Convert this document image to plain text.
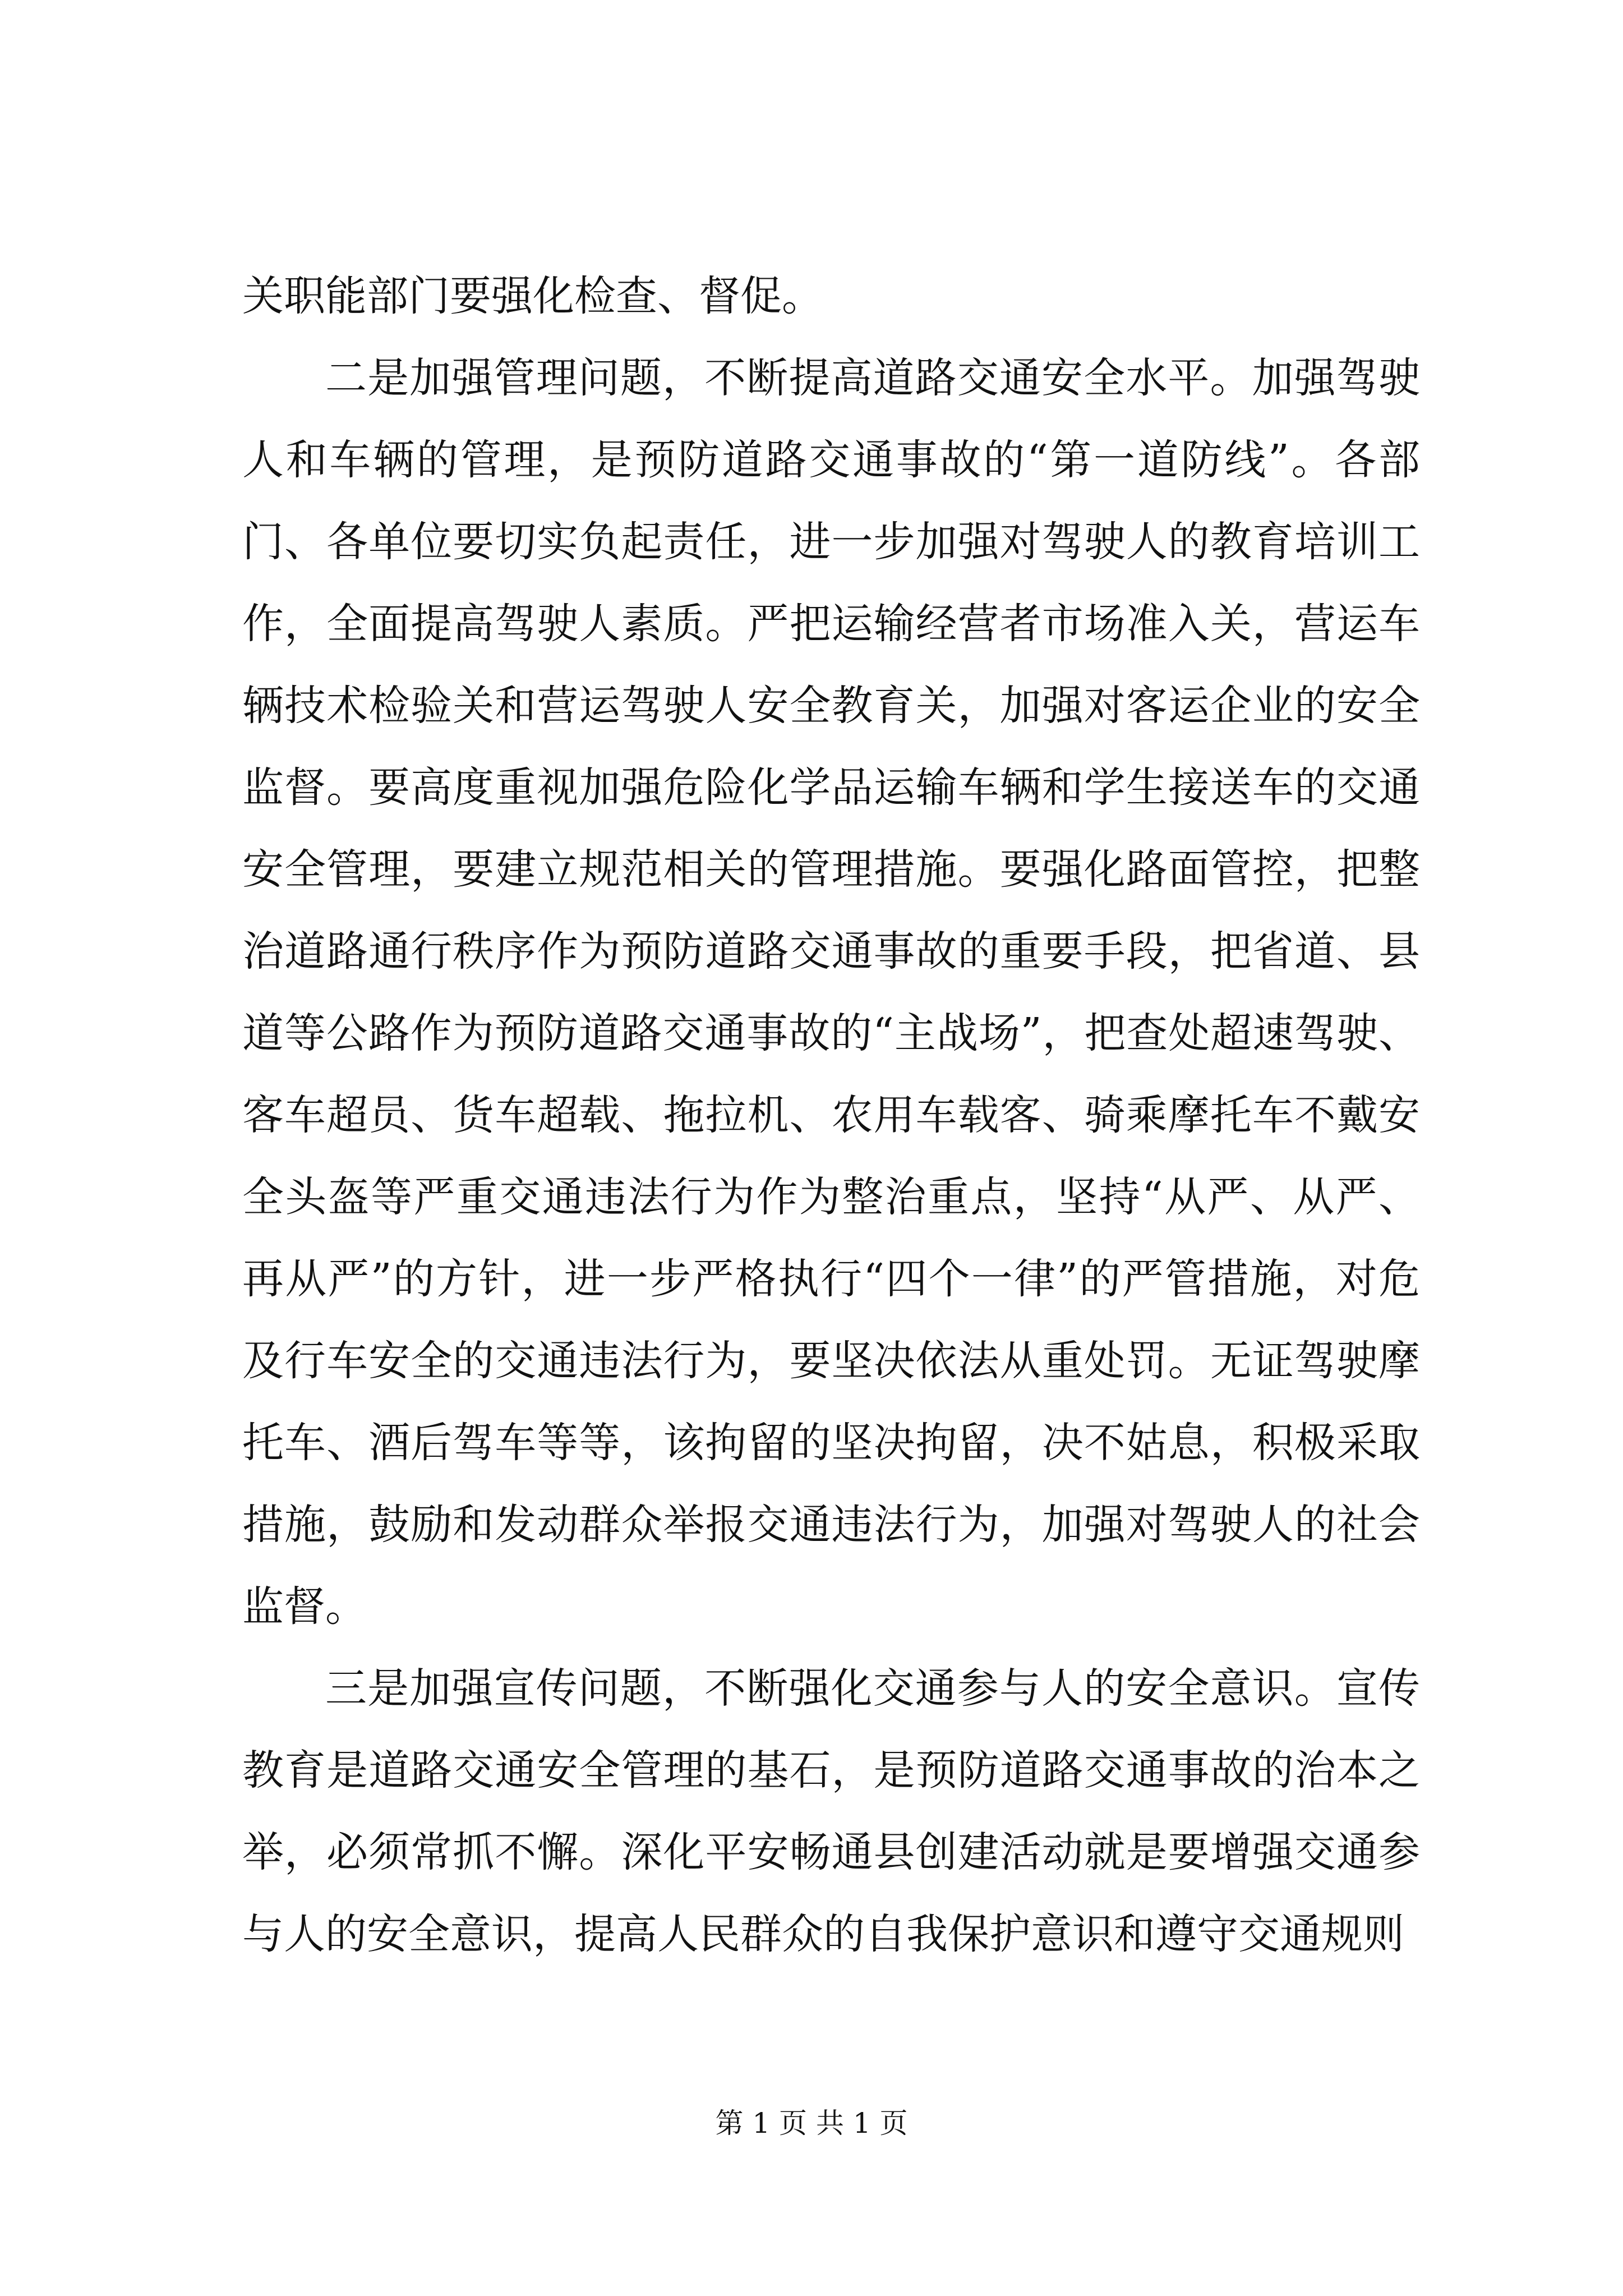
关职能部门要强化检查、督促。

二是加强管理问题，不断提高道路交通安全水平。加强驾驶人和车辆的管理，是预防道路交通事故的“第一道防线”。各部门、各单位要切实负起责任，进一步加强对驾驶人的教育培训工作，全面提高驾驶人素质。严把运输经营者市场准入关，营运车辆技术检验关和营运驾驶人安全教育关，加强对客运企业的安全监督。要高度重视加强危险化学品运输车辆和学生接送车的交通安全管理，要建立规范相关的管理措施。要强化路面管控，把整治道路通行秩序作为预防道路交通事故的重要手段，把省道、县道等公路作为预防道路交通事故的“主战场”，把查处超速驾驶、客车超员、货车超载、拖拉机、农用车载客、骑乘摩托车不戴安全头盔等严重交通违法行为作为整治重点，坚持“从严、从严、再从严”的方针，进一步严格执行“四个一律”的严管措施，对危及行车安全的交通违法行为，要坚决依法从重处罚。无证驾驶摩托车、酒后驾车等等，该拘留的坚决拘留，决不姑息，积极采取措施，鼓励和发动群众举报交通违法行为，加强对驾驶人的社会监督。

三是加强宣传问题，不断强化交通参与人的安全意识。宣传教育是道路交通安全管理的基石，是预防道路交通事故的治本之举，必须常抓不懈。深化平安畅通县创建活动就是要增强交通参与人的安全意识，提高人民群众的自我保护意识和遵守交通规则

第 1 页 共 1 页
